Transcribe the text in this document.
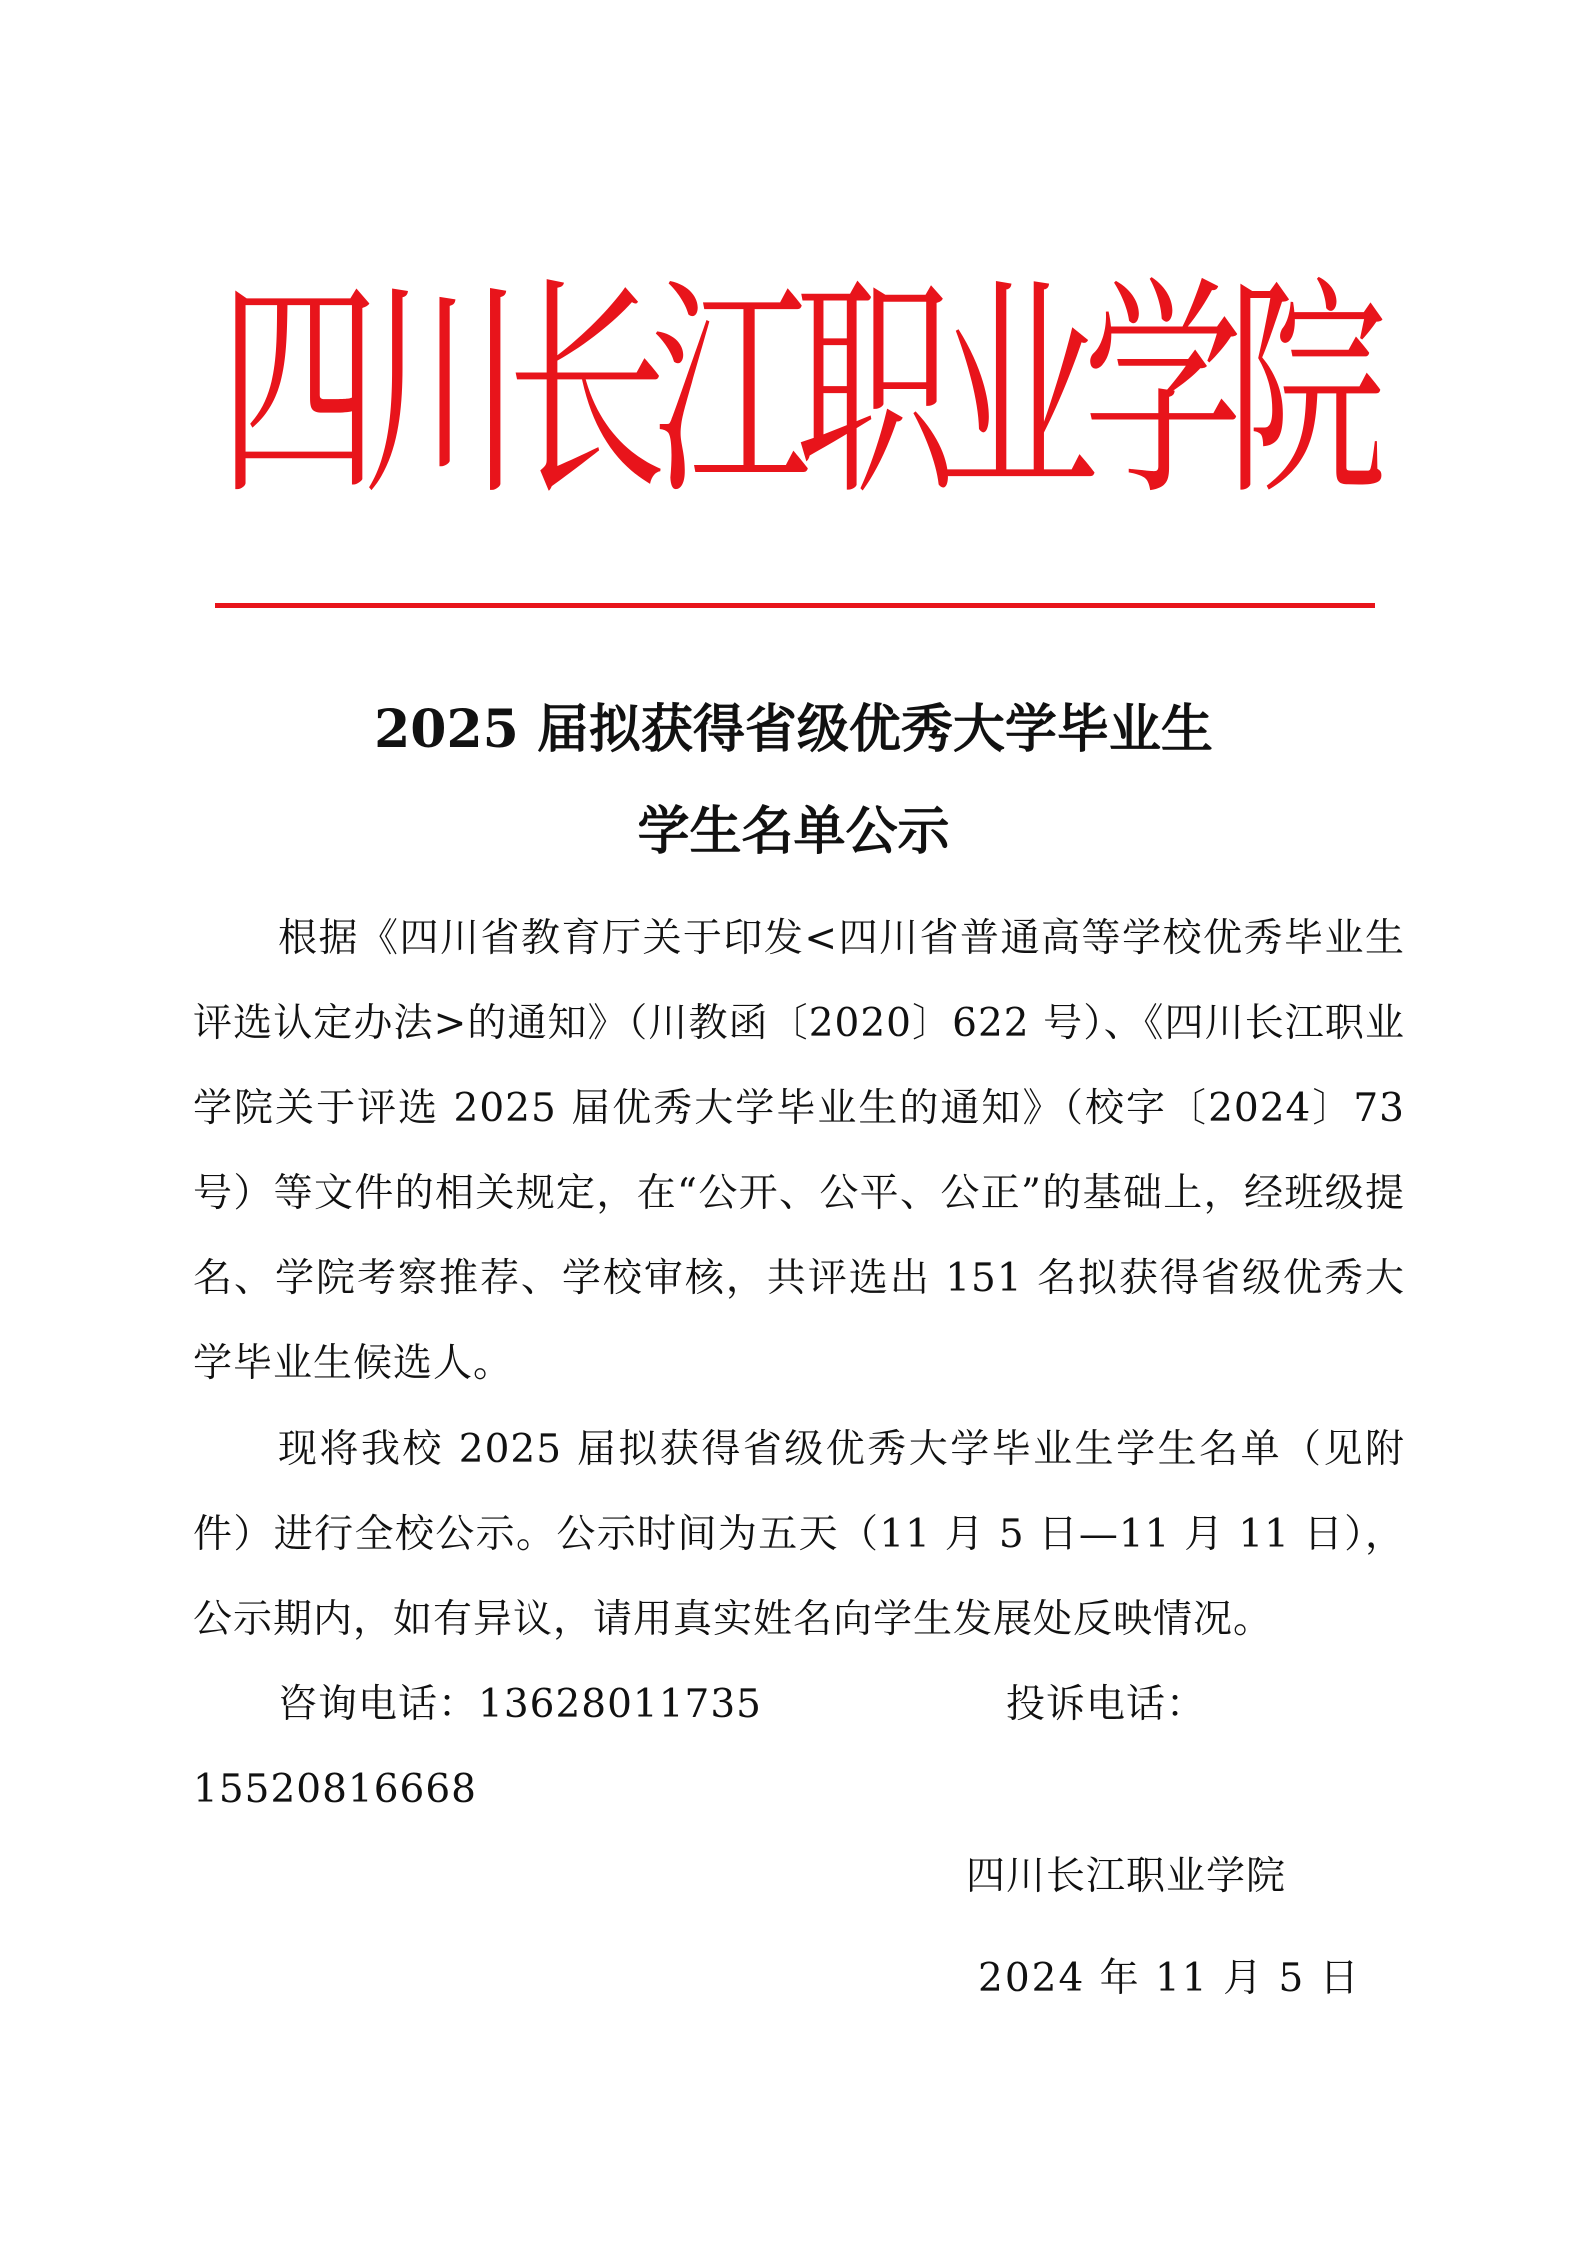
四川长江职业学院
2025 届拟获得省级优秀大学毕业生
学生名单公示

根据《四川省教育厅关于印发<四川省普通高等学校优秀毕业生评选认定办法>的通知》（川教函〔2020〕622 号）、《四川长江职业学院关于评选 2025 届优秀大学毕业生的通知》（校字〔2024〕73 号）等文件的相关规定，在“公开、公平、公正”的基础上，经班级提名、学院考察推荐、学校审核，共评选出 151 名拟获得省级优秀大学毕业生候选人。

现将我校 2025 届拟获得省级优秀大学毕业生学生名单（见附件）进行全校公示。公示时间为五天（11 月 5 日—11 月 11 日），公示期内，如有异议，请用真实姓名向学生发展处反映情况。

咨询电话：13628011735	投诉电话：
15520816668
四川长江职业学院
2024 年 11 月 5 日
